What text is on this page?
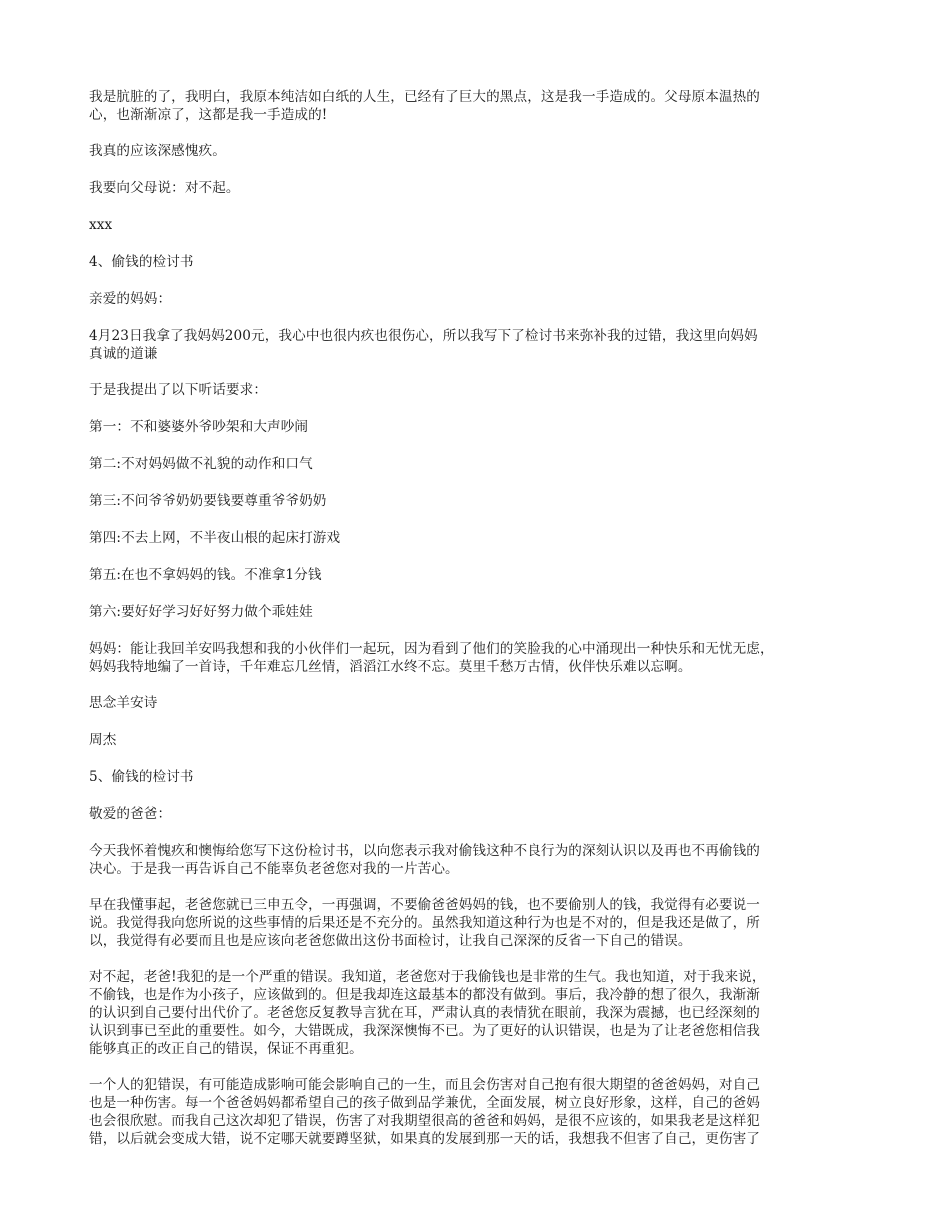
我是肮脏的了，我明白，我原本纯洁如白纸的人生，已经有了巨大的黑点，这是我一手造成的。父母原本温热的
心，也渐渐凉了，这都是我一手造成的!

我真的应该深感愧疚。

我要向父母说：对不起。

xxx

4、偷钱的检讨书

亲爱的妈妈：

4月23日我拿了我妈妈200元，我心中也很内疚也很伤心，所以我写下了检讨书来弥补我的过错，我这里向妈妈
真诚的道谦

于是我提出了以下听话要求：

第一：不和婆婆外爷吵架和大声吵闹

第二:不对妈妈做不礼貌的动作和口气

第三:不问爷爷奶奶要钱要尊重爷爷奶奶

第四:不去上网，不半夜山根的起床打游戏

第五:在也不拿妈妈的钱。不准拿1分钱

第六:要好好学习好好努力做个乖娃娃

妈妈：能让我回羊安吗我想和我的小伙伴们一起玩，因为看到了他们的笑脸我的心中涌现出一种快乐和无忧无虑，
妈妈我特地编了一首诗，千年难忘几丝情，滔滔江水终不忘。莫里千愁万古情，伙伴快乐难以忘啊。

思念羊安诗

周杰

5、偷钱的检讨书

敬爱的爸爸：

今天我怀着愧疚和懊悔给您写下这份检讨书，以向您表示我对偷钱这种不良行为的深刻认识以及再也不再偷钱的
决心。于是我一再告诉自己不能辜负老爸您对我的一片苦心。

早在我懂事起，老爸您就已三申五令，一再强调，不要偷爸爸妈妈的钱，也不要偷别人的钱，我觉得有必要说一
说。我觉得我向您所说的这些事情的后果还是不充分的。虽然我知道这种行为也是不对的，但是我还是做了，所
以，我觉得有必要而且也是应该向老爸您做出这份书面检讨，让我自己深深的反省一下自己的错误。

对不起，老爸!我犯的是一个严重的错误。我知道，老爸您对于我偷钱也是非常的生气。我也知道，对于我来说，
不偷钱，也是作为小孩子，应该做到的。但是我却连这最基本的都没有做到。事后，我冷静的想了很久，我渐渐
的认识到自己要付出代价了。老爸您反复教导言犹在耳，严肃认真的表情犹在眼前，我深为震撼，也已经深刻的
认识到事已至此的重要性。如今，大错既成，我深深懊悔不已。为了更好的认识错误，也是为了让老爸您相信我
能够真正的改正自己的错误，保证不再重犯。

一个人的犯错误，有可能造成影响可能会影响自己的一生，而且会伤害对自己抱有很大期望的爸爸妈妈，对自己
也是一种伤害。每一个爸爸妈妈都希望自己的孩子做到品学兼优，全面发展，树立良好形象，这样，自己的爸妈
也会很欣慰。而我自己这次却犯了错误，伤害了对我期望很高的爸爸和妈妈，是很不应该的，如果我老是这样犯
错，以后就会变成大错，说不定哪天就要蹲坚狱，如果真的发展到那一天的话，我想我不但害了自己，更伤害了
